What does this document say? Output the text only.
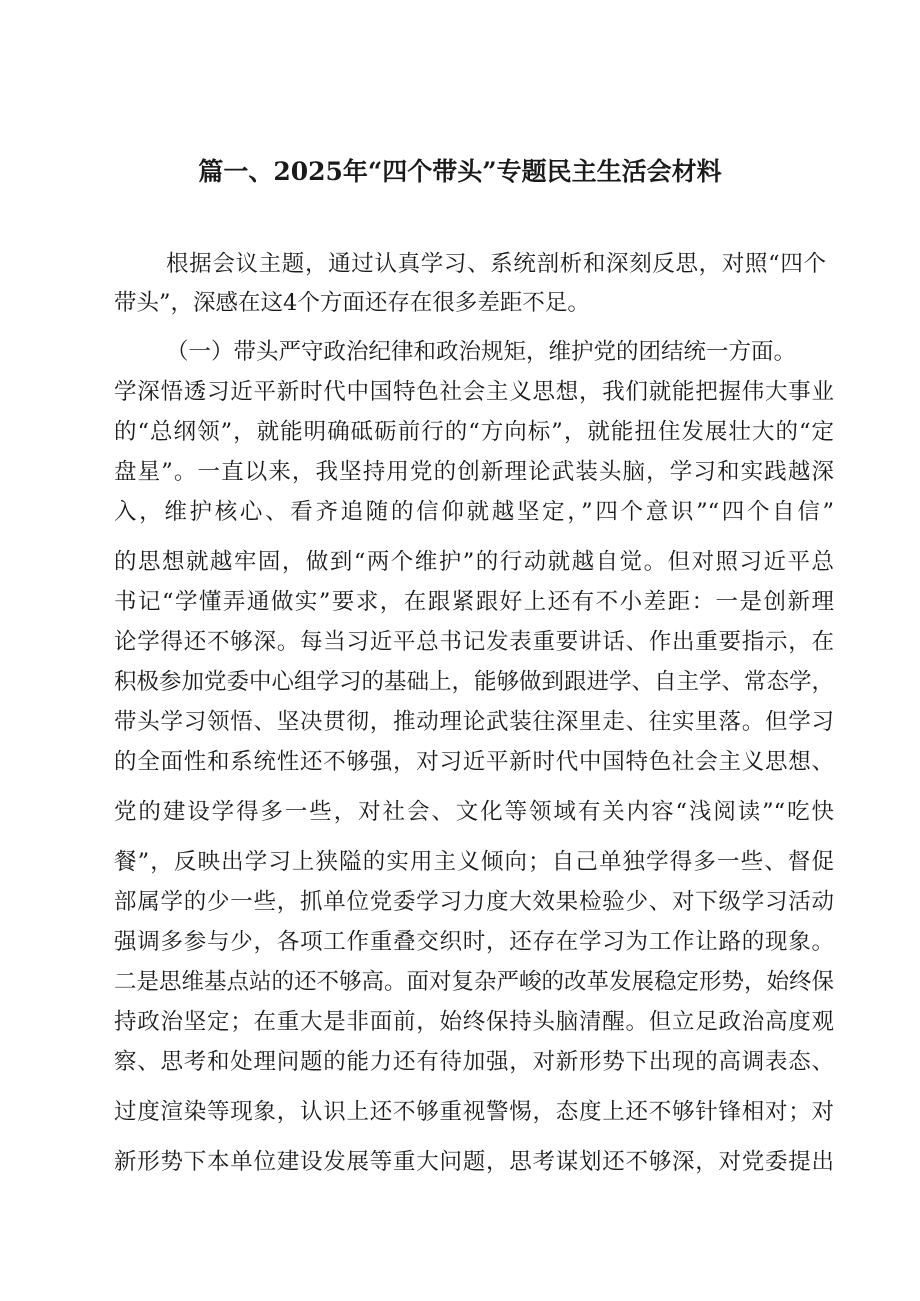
篇一、2025年“四个带头”专题民主生活会材料
根据会议主题，通过认真学习、系统剖析和深刻反思，对照“四个
带头”，深感在这4个方面还存在很多差距不足。
（一）带头严守政治纪律和政治规矩，维护党的团结统一方面。
学深悟透习近平新时代中国特色社会主义思想，我们就能把握伟大事业
的“总纲领”，就能明确砥砺前行的“方向标”，就能扭住发展壮大的“定
盘星”。一直以来，我坚持用党的创新理论武装头脑，学习和实践越深
入，维护核心、看齐追随的信仰就越坚定，”四个意识”“四个自信”
的思想就越牢固，做到“两个维护”的行动就越自觉。但对照习近平总
书记“学懂弄通做实”要求，在跟紧跟好上还有不小差距：一是创新理
论学得还不够深。每当习近平总书记发表重要讲话、作出重要指示，在
积极参加党委中心组学习的基础上，能够做到跟进学、自主学、常态学，
带头学习领悟、坚决贯彻，推动理论武装往深里走、往实里落。但学习
的全面性和系统性还不够强，对习近平新时代中国特色社会主义思想、
党的建设学得多一些，对社会、文化等领域有关内容“浅阅读”“吃快
餐”，反映出学习上狭隘的实用主义倾向；自己单独学得多一些、督促
部属学的少一些，抓单位党委学习力度大效果检验少、对下级学习活动
强调多参与少，各项工作重叠交织时，还存在学习为工作让路的现象。
二是思维基点站的还不够高。面对复杂严峻的改革发展稳定形势，始终保
持政治坚定；在重大是非面前，始终保持头脑清醒。但立足政治高度观
察、思考和处理问题的能力还有待加强，对新形势下出现的高调表态、
过度渲染等现象，认识上还不够重视警惕，态度上还不够针锋相对；对
新形势下本单位建设发展等重大问题，思考谋划还不够深，对党委提出
